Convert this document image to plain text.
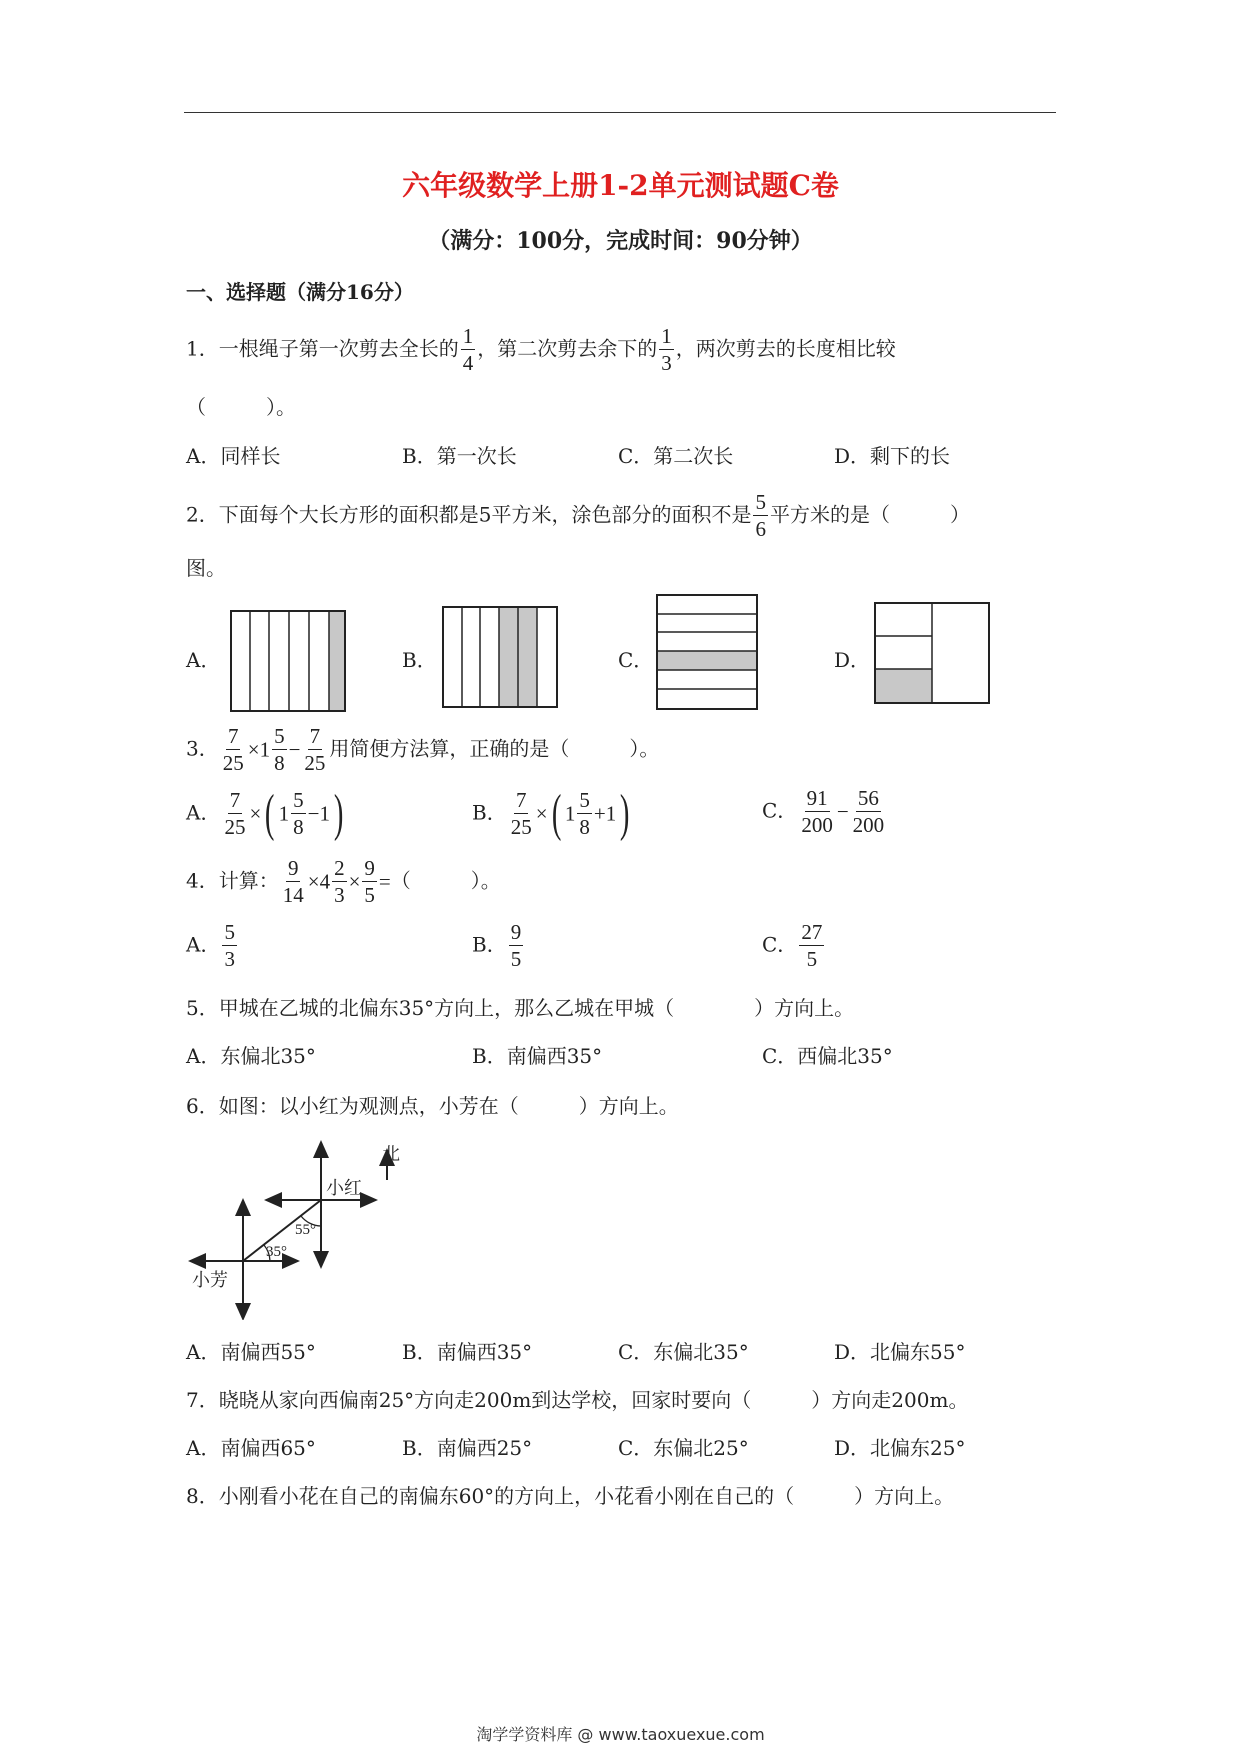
六年级数学上册1-2单元测试题C卷
（满分：100分，完成时间：90分钟）
一、选择题（满分16分）
1．一根绳子第一次剪去全长的 $\frac{1}{4}$ ，第二次剪去余下的 $\frac{1}{3}$ ，两次剪去的长度相比较
（　　　）。
A．同样长	B．第一次长	C．第二次长	D．剩下的长
2．下面每个大长方形的面积都是5平方米，涂色部分的面积不是 $\frac{5}{6}$ 平方米的是（　　　）
图。
A．	B．	C．	D．
3． $\frac{7}{25} \times 1 \frac{5}{8} - \frac{7}{25}$ 用简便方法算，正确的是（　　　）。
A． $\frac{7}{25}$ ×( $1 \frac{5}{8} -1$)	B． $\frac{7}{25}$ ×( $1 \frac{5}{8} +1$)	C． $\frac{91}{200} - \frac{56}{200}$
4．计算： $\frac{9}{14} \times 4 \frac{2}{3} \times \frac{9}{5}$ =（　　　）。
A． $\frac{5}{3}$	B． $\frac{9}{5}$	C． $\frac{27}{5}$
5．甲城在乙城的北偏东35°方向上，那么乙城在甲城（　　　　）方向上。
A．东偏北35°	B．南偏西35°	C．西偏北35°
6．如图：以小红为观测点，小芳在（　　　）方向上。
北
小红
小芳
55°
35°
A．南偏西55°	B．南偏西35°	C．东偏北35°	D．北偏东55°
7．晓晓从家向西偏南25°方向走200m到达学校，回家时要向（　　　）方向走200m。
A．南偏西65°	B．南偏西25°	C．东偏北25°	D．北偏东25°
8．小刚看小花在自己的南偏东60°的方向上，小花看小刚在自己的（　　　）方向上。
淘学学资料库 @ www.taoxuexue.com
